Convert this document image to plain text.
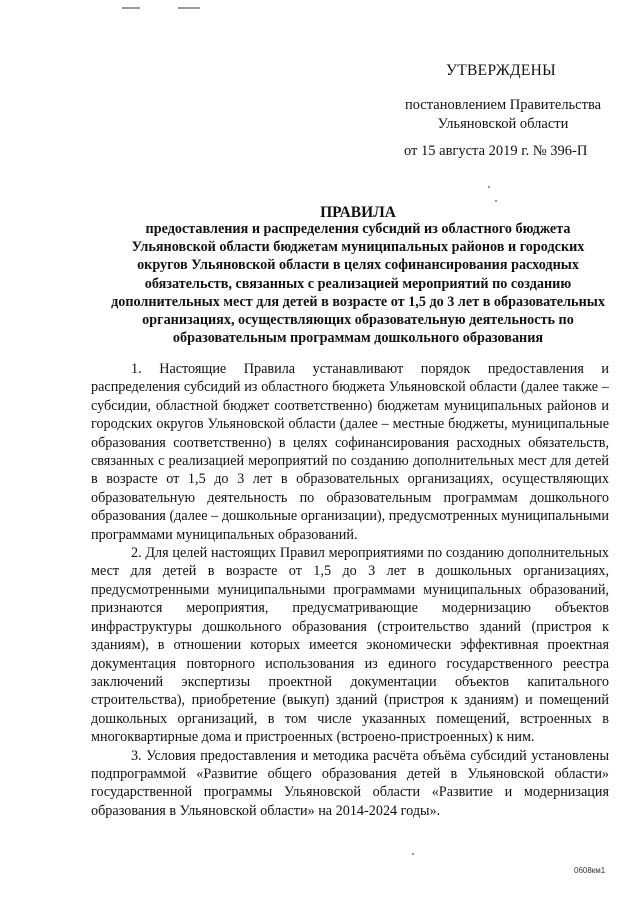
УТВЕРЖДЕНЫ
постановлением Правительства Ульяновской области
от 15 августа 2019 г. № 396-П
ПРАВИЛА
предоставления и распределения субсидий из областного бюджета Ульяновской области бюджетам муниципальных районов и городских округов Ульяновской области в целях софинансирования расходных обязательств, связанных с реализацией мероприятий по созданию дополнительных мест для детей в возрасте от 1,5 до 3 лет в образовательных организациях, осуществляющих образовательную деятельность по образовательным программам дошкольного образования

1. Настоящие Правила устанавливают порядок предоставления и распределения субсидий из областного бюджета Ульяновской области (далее также – субсидии, областной бюджет соответственно) бюджетам муниципальных районов и городских округов Ульяновской области (далее – местные бюджеты, муниципальные образования соответственно) в целях софинансирования расходных обязательств, связанных с реализацией мероприятий по созданию дополнительных мест для детей в возрасте от 1,5 до 3 лет в образовательных организациях, осуществляющих образовательную деятельность по образовательным программам дошкольного образования (далее – дошкольные организации), предусмотренных муниципальными программами муниципальных образований.

2. Для целей настоящих Правил мероприятиями по созданию дополнительных мест для детей в возрасте от 1,5 до 3 лет в дошкольных организациях, предусмотренными муниципальными программами муниципальных образований, признаются мероприятия, предусматривающие модернизацию объектов инфраструктуры дошкольного образования (строительство зданий (пристроя к зданиям), в отношении которых имеется экономически эффективная проектная документация повторного использования из единого государственного реестра заключений экспертизы проектной документации объектов капитального строительства), приобретение (выкуп) зданий (пристроя к зданиям) и помещений дошкольных организаций, в том числе указанных помещений, встроенных в многоквартирные дома и пристроенных (встроено-пристроенных) к ним.

3. Условия предоставления и методика расчёта объёма субсидий установлены подпрограммой «Развитие общего образования детей в Ульяновской области» государственной программы Ульяновской области «Развитие и модернизация образования в Ульяновской области» на 2014-2024 годы».

0608км1
